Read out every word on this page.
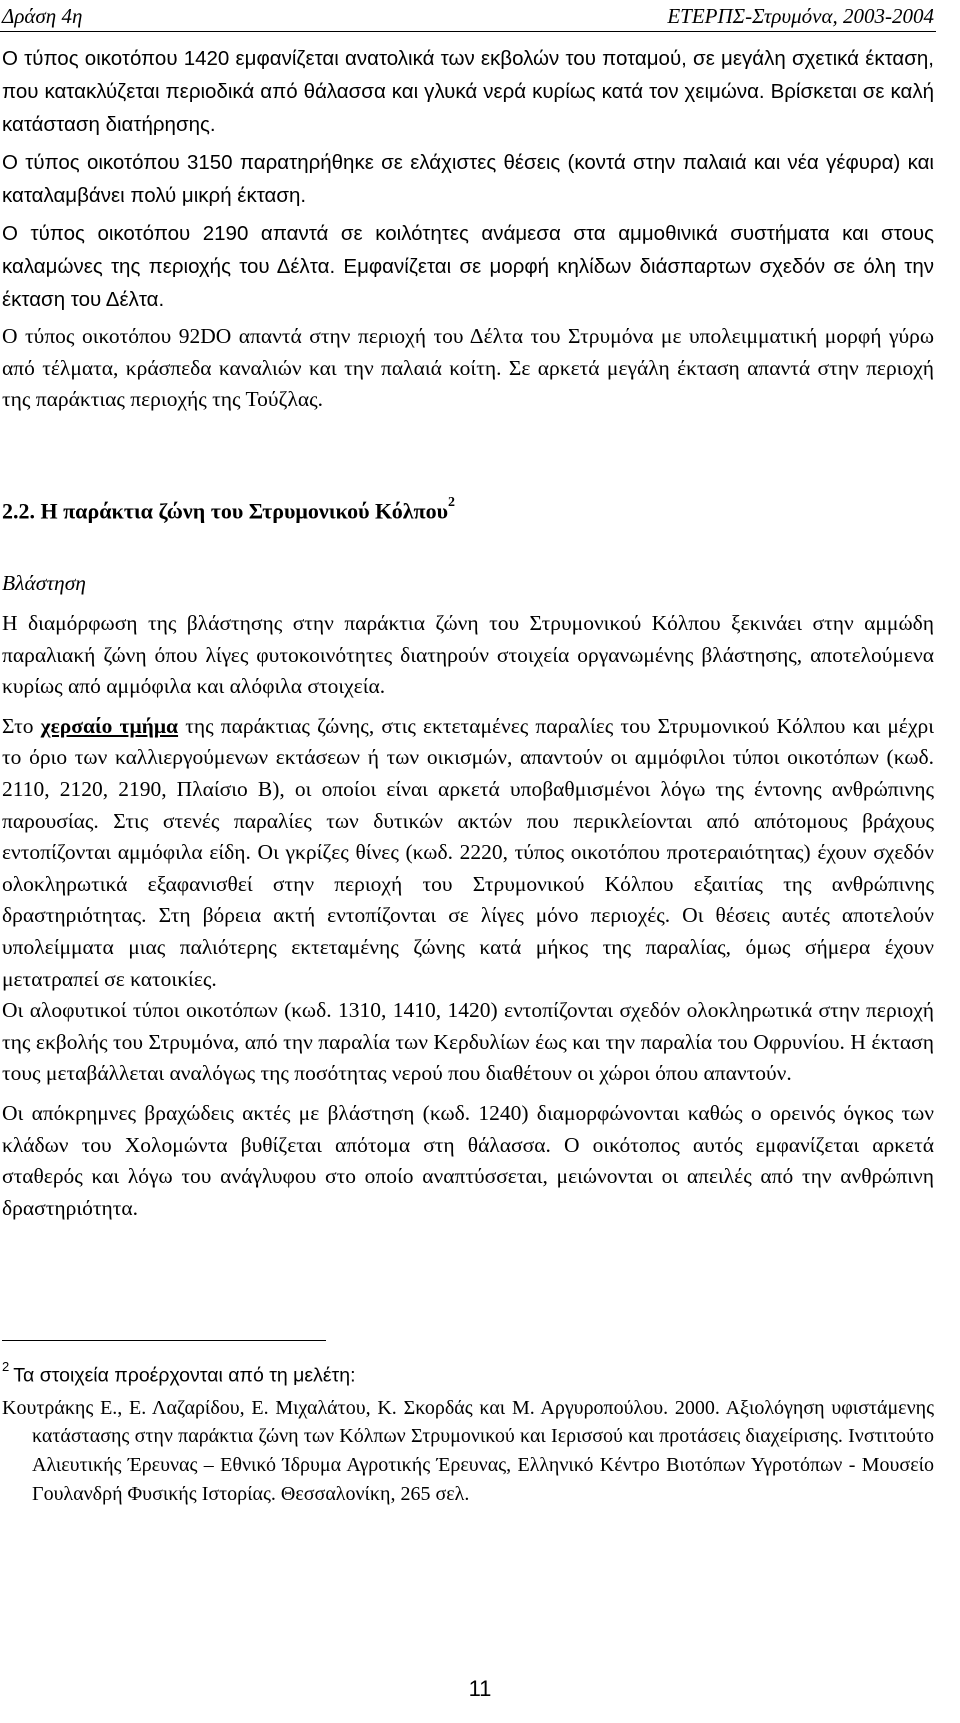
Δράση 4η	ΕΤΕΡΠΣ-Στρυμόνα, 2003-2004

Ο τύπος οικοτόπου 1420 εμφανίζεται ανατολικά των εκβολών του ποταμού, σε μεγάλη σχετικά έκταση, που κατακλύζεται περιοδικά από θάλασσα και γλυκά νερά κυρίως κατά τον χειμώνα. Βρίσκεται σε καλή κατάσταση διατήρησης.

Ο τύπος οικοτόπου 3150 παρατηρήθηκε σε ελάχιστες θέσεις (κοντά στην παλαιά και νέα γέφυρα) και καταλαμβάνει πολύ μικρή έκταση.

Ο τύπος οικοτόπου 2190 απαντά σε κοιλότητες ανάμεσα στα αμμοθινικά συστήματα και στους καλαμώνες της περιοχής του Δέλτα. Εμφανίζεται σε μορφή κηλίδων διάσπαρτων σχεδόν σε όλη την έκταση του Δέλτα.

Ο τύπος οικοτόπου 92DO απαντά στην περιοχή του Δέλτα του Στρυμόνα με υπολειμματική μορφή γύρω από τέλματα, κράσπεδα καναλιών και την παλαιά κοίτη. Σε αρκετά μεγάλη έκταση απαντά στην περιοχή της παράκτιας περιοχής της Τούζλας.

2.2. Η παράκτια ζώνη του Στρυμονικού Κόλπου$^2$
Βλάστηση

Η διαμόρφωση της βλάστησης στην παράκτια ζώνη του Στρυμονικού Κόλπου ξεκινάει στην αμμώδη παραλιακή ζώνη όπου λίγες φυτοκοινότητες διατηρούν στοιχεία οργανωμένης βλάστησης, αποτελούμενα κυρίως από αμμόφιλα και αλόφιλα στοιχεία.

Στο χερσαίο τμήμα της παράκτιας ζώνης, στις εκτεταμένες παραλίες του Στρυμονικού Κόλπου και μέχρι το όριο των καλλιεργούμενων εκτάσεων ή των οικισμών, απαντούν οι αμμόφιλοι τύποι οικοτόπων (κωδ. 2110, 2120, 2190, Πλαίσιο Β), οι οποίοι είναι αρκετά υποβαθμισμένοι λόγω της έντονης ανθρώπινης παρουσίας. Στις στενές παραλίες των δυτικών ακτών που περικλείονται από απότομους βράχους εντοπίζονται αμμόφιλα είδη. Οι γκρίζες θίνες (κωδ. 2220, τύπος οικοτόπου προτεραιότητας) έχουν σχεδόν ολοκληρωτικά εξαφανισθεί στην περιοχή του Στρυμονικού Κόλπου εξαιτίας της ανθρώπινης δραστηριότητας. Στη βόρεια ακτή εντοπίζονται σε λίγες μόνο περιοχές. Οι θέσεις αυτές αποτελούν υπολείμματα μιας παλιότερης εκτεταμένης ζώνης κατά μήκος της παραλίας, όμως σήμερα έχουν μετατραπεί σε κατοικίες.

Οι αλοφυτικοί τύποι οικοτόπων (κωδ. 1310, 1410, 1420) εντοπίζονται σχεδόν ολοκληρωτικά στην περιοχή της εκβολής του Στρυμόνα, από την παραλία των Κερδυλίων έως και την παραλία του Οφρυνίου. Η έκταση τους μεταβάλλεται αναλόγως της ποσότητας νερού που διαθέτουν οι χώροι όπου απαντούν.

Οι απόκρημνες βραχώδεις ακτές με βλάστηση (κωδ. 1240) διαμορφώνονται καθώς ο ορεινός όγκος των κλάδων του Χολομώντα βυθίζεται απότομα στη θάλασσα. Ο οικότοπος αυτός εμφανίζεται αρκετά σταθερός και λόγω του ανάγλυφου στο οποίο αναπτύσσεται, μειώνονται οι απειλές από την ανθρώπινη δραστηριότητα.

$^2$ Τα στοιχεία προέρχονται από τη μελέτη:

Κουτράκης Ε., Ε. Λαζαρίδου, Ε. Μιχαλάτου, Κ. Σκορδάς και Μ. Αργυροπούλου. 2000. Αξιολόγηση υφιστάμενης κατάστασης στην παράκτια ζώνη των Κόλπων Στρυμονικού και Ιερισσού και προτάσεις διαχείρισης. Ινστιτούτο Αλιευτικής Έρευνας – Εθνικό Ίδρυμα Αγροτικής Έρευνας, Ελληνικό Κέντρο Βιοτόπων Υγροτόπων - Μουσείο Γουλανδρή Φυσικής Ιστορίας. Θεσσαλονίκη, 265 σελ.

11
